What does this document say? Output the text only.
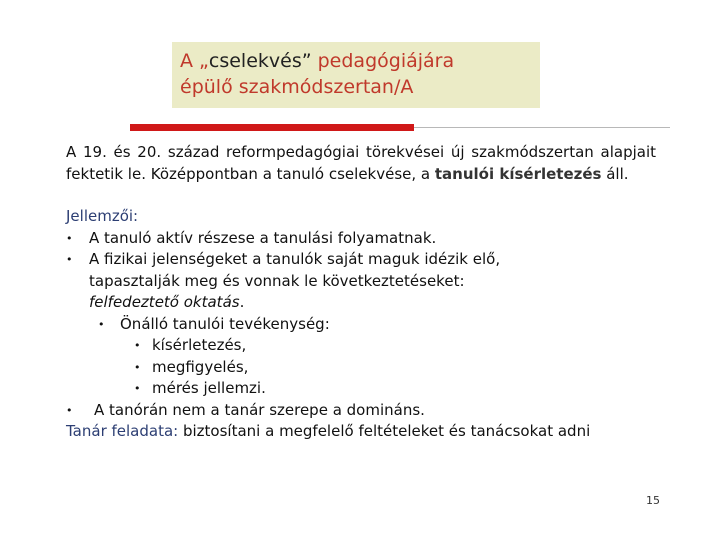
A „cselekvés” pedagógiájára
épülő szakmódszertan/A

A 19. és 20. század reformpedagógiai törekvései új szakmódszertan alapjait fektetik le. Középpontban a tanuló cselekvése, a tanulói kísérletezés áll.

Jellemzői:
• A tanuló aktív részese a tanulási folyamatnak.
• A fizikai jelenségeket a tanulók saját maguk idézik elő,
tapasztalják meg és vonnak le következtetéseket:
felfedeztető oktatás.
• Önálló tanulói tevékenység:
• kísérletezés,
• megfigyelés,
• mérés jellemzi.
• A tanórán nem a tanár szerepe a domináns.
Tanár feladata: biztosítani a megfelelő feltételeket és tanácsokat adni
15
